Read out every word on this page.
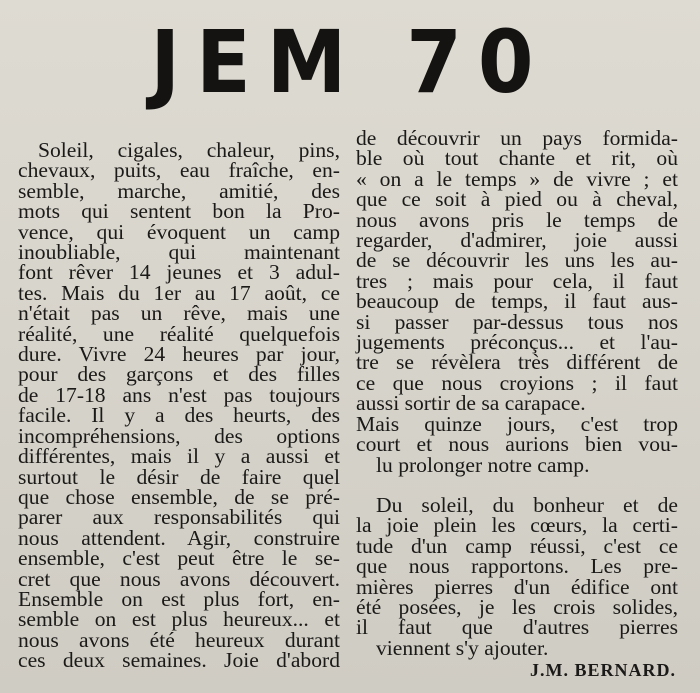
JEM 70

Soleil, cigales, chaleur, pins,
chevaux, puits, eau fraîche, en-
semble, marche, amitié, des
mots qui sentent bon la Pro-
vence, qui évoquent un camp
inoubliable, qui maintenant
font rêver 14 jeunes et 3 adul-
tes. Mais du 1er au 17 août, ce
n'était pas un rêve, mais une
réalité, une réalité quelquefois
dure. Vivre 24 heures par jour,
pour des garçons et des filles
de 17-18 ans n'est pas toujours
facile. Il y a des heurts, des
incompréhensions, des options
différentes, mais il y a aussi et
surtout le désir de faire quel
que chose ensemble, de se pré-
parer aux responsabilités qui
nous attendent. Agir, construire
ensemble, c'est peut être le se-
cret que nous avons découvert.
Ensemble on est plus fort, en-
semble on est plus heureux... et
nous avons été heureux durant
ces deux semaines. Joie d'abord

de découvrir un pays formida-
ble où tout chante et rit, où
« on a le temps » de vivre ; et
que ce soit à pied ou à cheval,
nous avons pris le temps de
regarder, d'admirer, joie aussi
de se découvrir les uns les au-
tres ; mais pour cela, il faut
beaucoup de temps, il faut aus-
si passer par-dessus tous nos
jugements préconçus... et l'au-
tre se révèlera très différent de
ce que nous croyions ; il faut
aussi sortir de sa carapace.
Mais quinze jours, c'est trop
court et nous aurions bien vou-
lu prolonger notre camp.

Du soleil, du bonheur et de
la joie plein les cœurs, la certi-
tude d'un camp réussi, c'est ce
que nous rapportons. Les pre-
mières pierres d'un édifice ont
été posées, je les crois solides,
il faut que d'autres pierres
viennent s'y ajouter.

J.M. BERNARD.
